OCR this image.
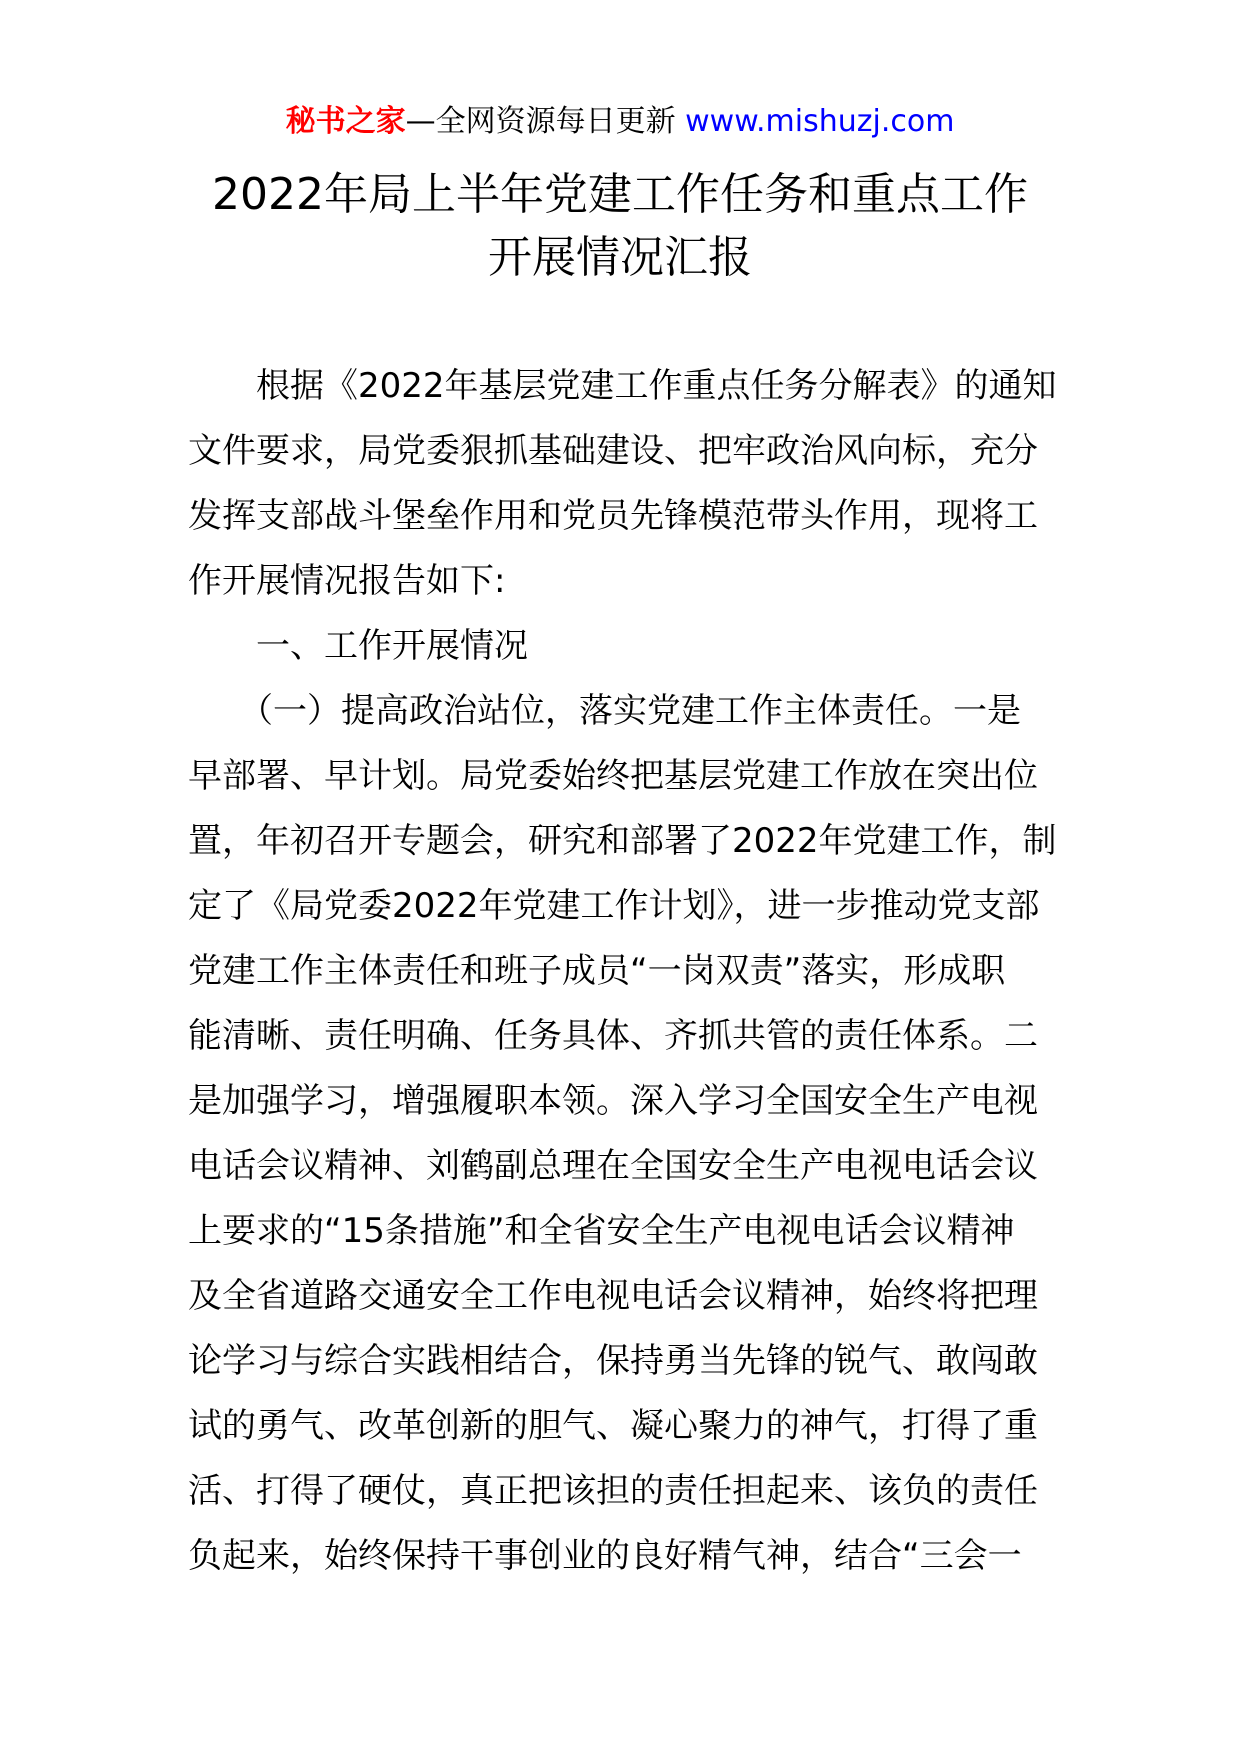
秘书之家—全网资源每日更新 www.mishuzj.com
2022年局上半年党建工作任务和重点工作
开展情况汇报
　　根据《2022年基层党建工作重点任务分解表》的通知
文件要求，局党委狠抓基础建设、把牢政治风向标，充分
发挥支部战斗堡垒作用和党员先锋模范带头作用，现将工
作开展情况报告如下:
　　一、工作开展情况
　　（一）提高政治站位，落实党建工作主体责任。一是
早部署、早计划。局党委始终把基层党建工作放在突出位
置，年初召开专题会，研究和部署了2022年党建工作，制
定了《局党委2022年党建工作计划》，进一步推动党支部
党建工作主体责任和班子成员“一岗双责”落实，形成职
能清晰、责任明确、任务具体、齐抓共管的责任体系。二
是加强学习，增强履职本领。深入学习全国安全生产电视
电话会议精神、刘鹤副总理在全国安全生产电视电话会议
上要求的“15条措施”和全省安全生产电视电话会议精神
及全省道路交通安全工作电视电话会议精神，始终将把理
论学习与综合实践相结合，保持勇当先锋的锐气、敢闯敢
试的勇气、改革创新的胆气、凝心聚力的神气，打得了重
活、打得了硬仗，真正把该担的责任担起来、该负的责任
负起来，始终保持干事创业的良好精气神，结合“三会一
